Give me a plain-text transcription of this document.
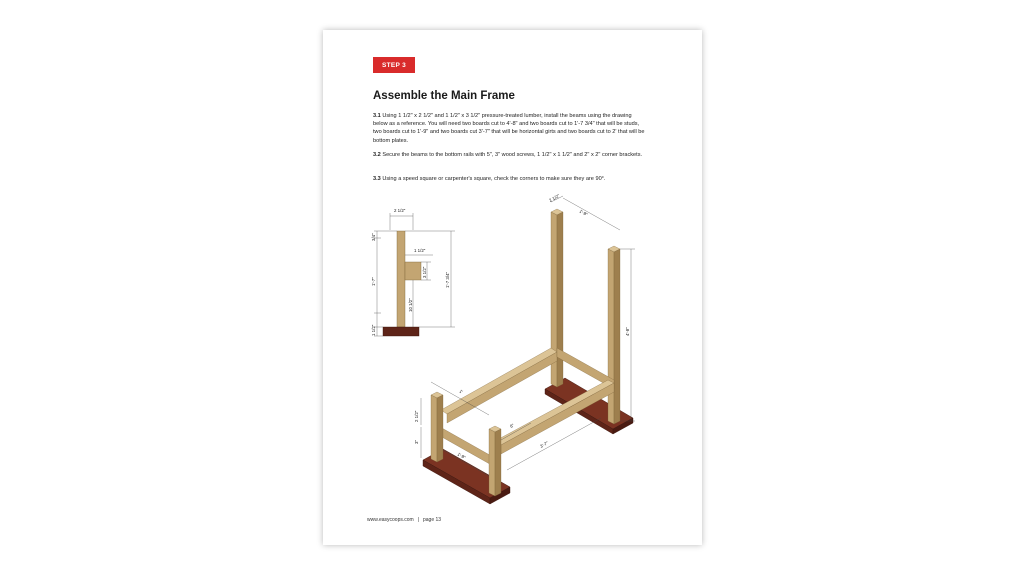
STEP 3
Assemble the Main Frame
3.1 Using 1 1/2" x 2 1/2" and 1 1/2" x 3 1/2" pressure-treated lumber, install the beams using the drawing below as a reference. You will need two boards cut to 4'-8" and two boards cut to 1'-7 3/4" that will be studs, two boards cut to 1'-9" and two boards cut 3'-7" that will be horizontal girts and two boards cut to 2' that will be bottom plates.
3.2 Secure the beams to the bottom rails with 5", 3" wood screws, 1 1/2" x 1 1/2" and 2" x 2" corner brackets.
3.3 Using a speed square or carpenter's square, check the corners to make sure they are 90°.
2 1/2"
3/4"
1 1/2"
3 1/2"
1'-7"	1'-7 3/4"
10 1/2"
1 1/2"
2 1/2"
1'-9"
4'-8"
1'
2 1/2"
3"
1'-9"
8"
3'-7"
www.easycoops.com | page 13
